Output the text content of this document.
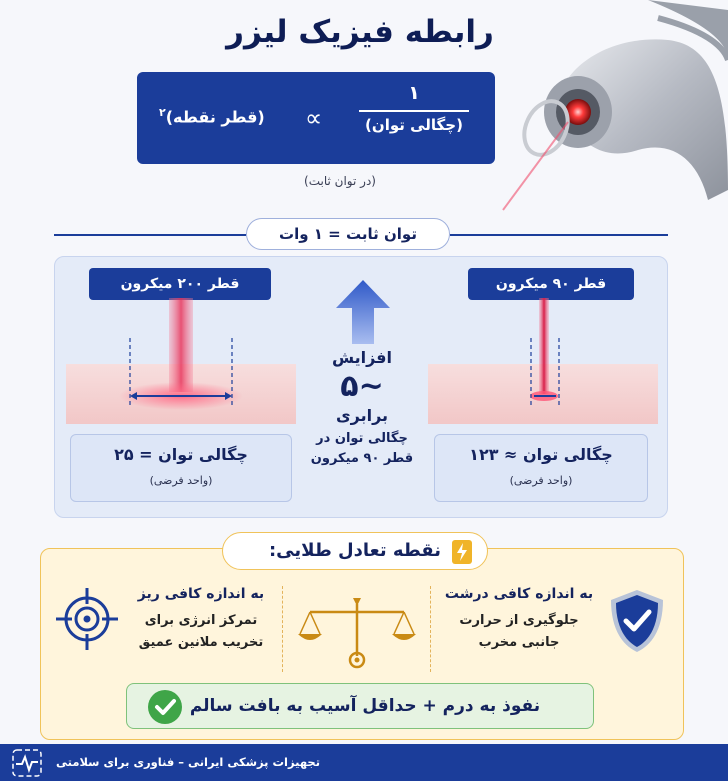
رابطه فیزیک لیزر
۱
(چگالی توان)
∝
(قطر نقطه)$^۲$
(در توان ثابت)
توان ثابت = ۱ وات
قطر ۲۰۰ میکرون
چگالی توان = ۲۵
(واحد فرضی)
قطر ۹۰ میکرون
چگالی توان ≈ ۱۲۳
(واحد فرضی)
افزایش
~۵
برابری
چگالی توان در
قطر ۹۰ میکرون
نقطه تعادل طلایی:
به اندازه کافی درشت
جلوگیری از حرارت
جانبی مخرب
به اندازه کافی ریز
تمرکز انرژی برای
تخریب ملانین عمیق
نفوذ به درم + حداقل آسیب به بافت سالم
تجهیزات پزشکی ایرانی – فناوری برای سلامتی
